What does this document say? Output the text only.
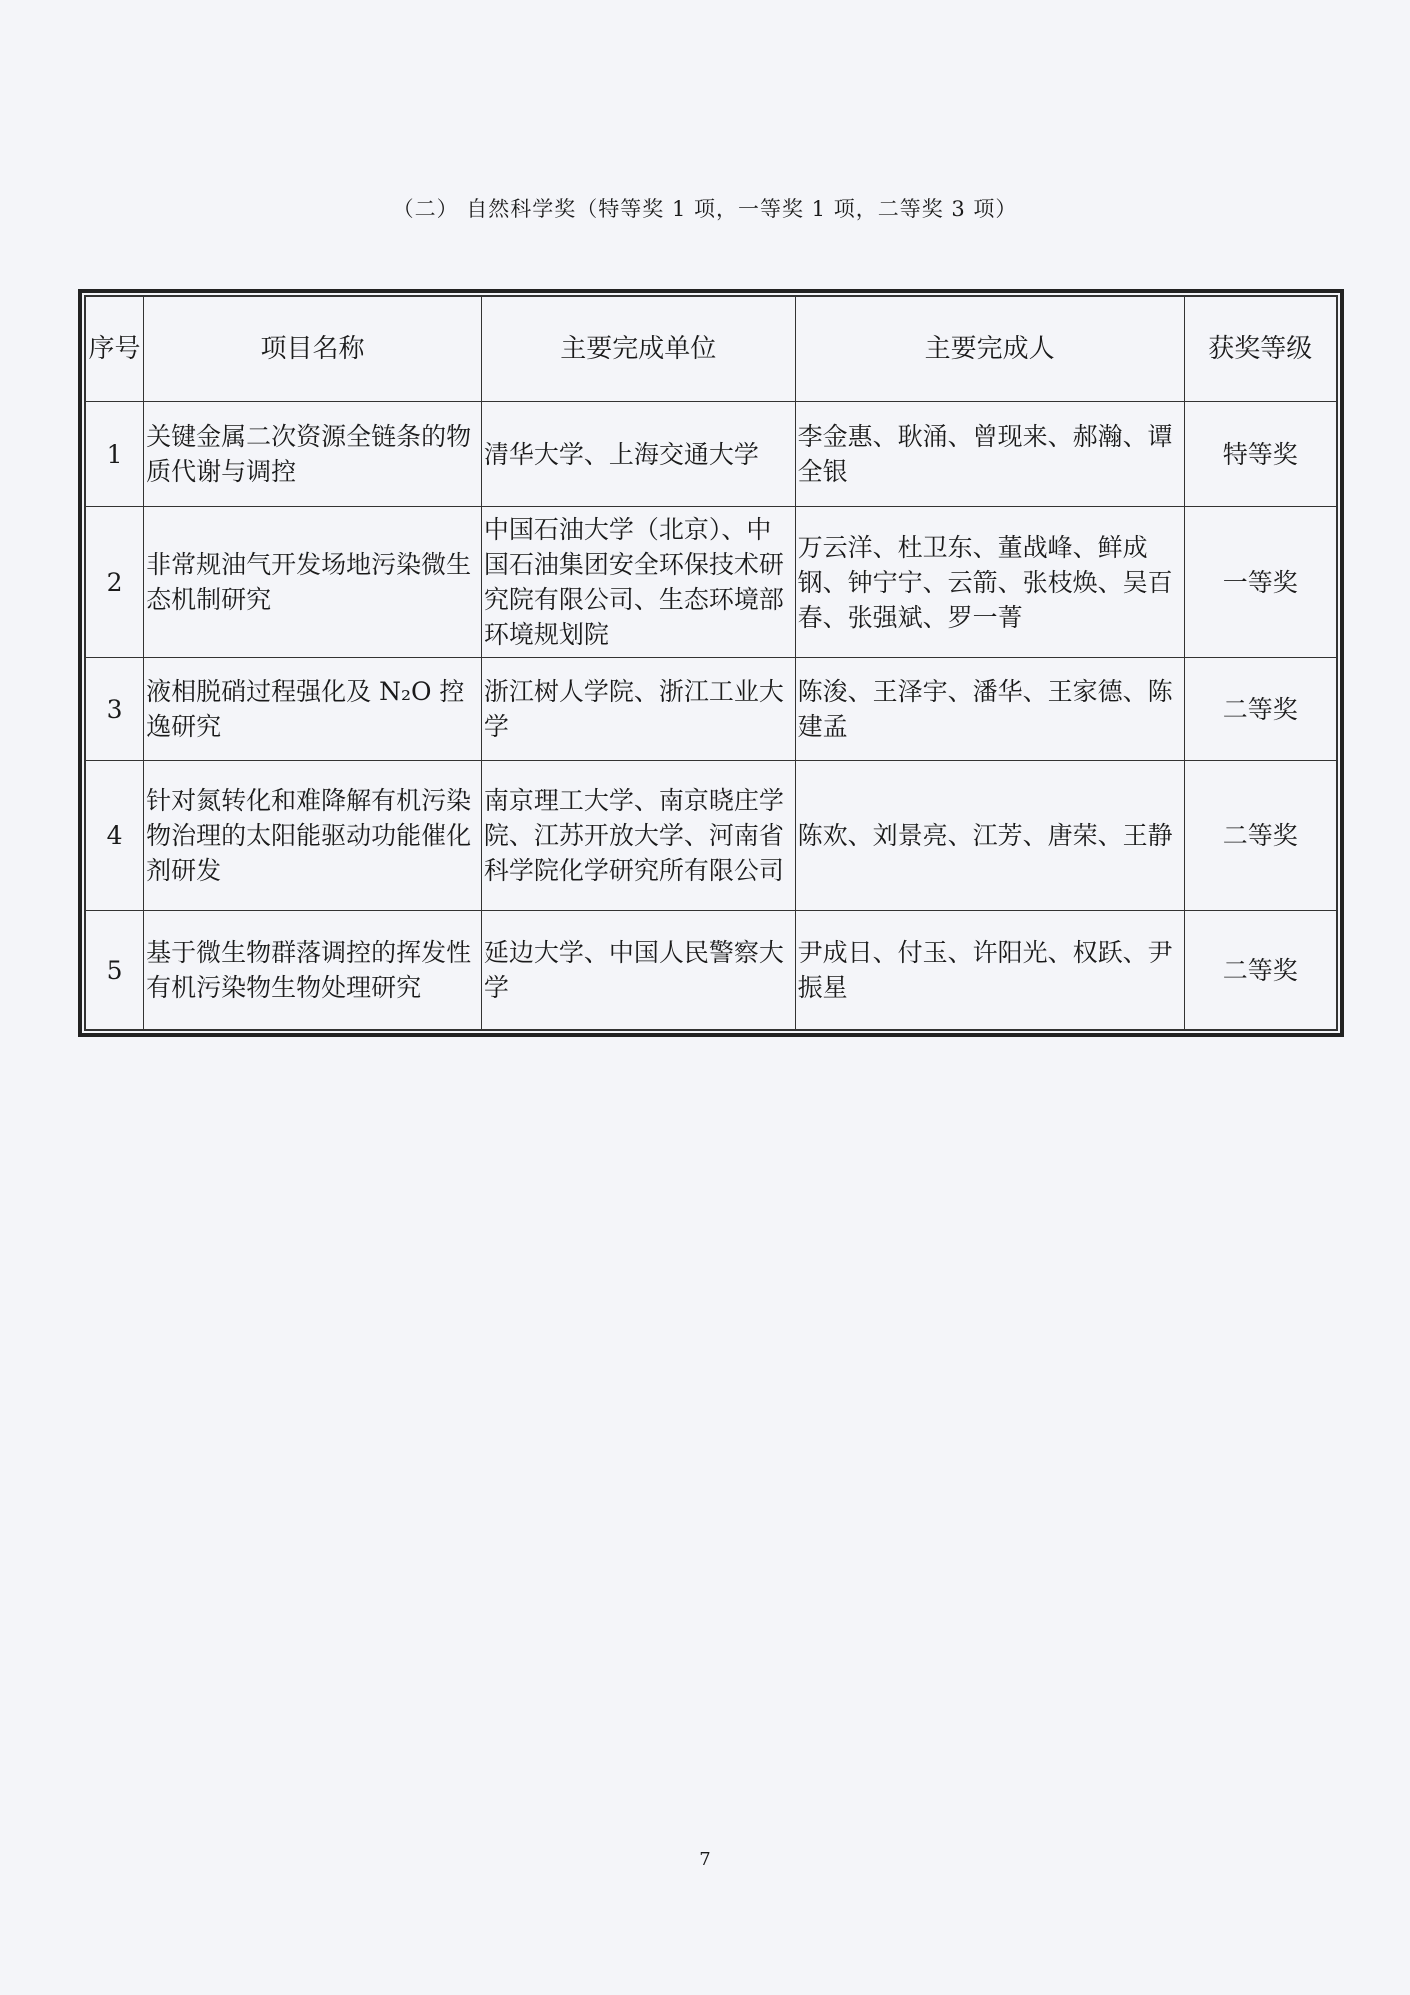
（二） 自然科学奖（特等奖 1 项，一等奖 1 项，二等奖 3 项）
序号	项目名称	主要完成单位	主要完成人	获奖等级
1	关键金属二次资源全链条的物质代谢与调控	清华大学、上海交通大学	李金惠、耿涌、曾现来、郝瀚、谭全银	特等奖
2	非常规油气开发场地污染微生态机制研究	中国石油大学（北京）、中国石油集团安全环保技术研究院有限公司、生态环境部环境规划院	万云洋、杜卫东、董战峰、鲜成钢、钟宁宁、云箭、张枝焕、吴百春、张强斌、罗一菁	一等奖
3	液相脱硝过程强化及 N₂O 控逸研究	浙江树人学院、浙江工业大学	陈浚、王泽宇、潘华、王家德、陈建孟	二等奖
4	针对氮转化和难降解有机污染物治理的太阳能驱动功能催化剂研发	南京理工大学、南京晓庄学院、江苏开放大学、河南省科学院化学研究所有限公司	陈欢、刘景亮、江芳、唐荣、王静	二等奖
5	基于微生物群落调控的挥发性有机污染物生物处理研究	延边大学、中国人民警察大学	尹成日、付玉、许阳光、权跃、尹振星	二等奖
7
